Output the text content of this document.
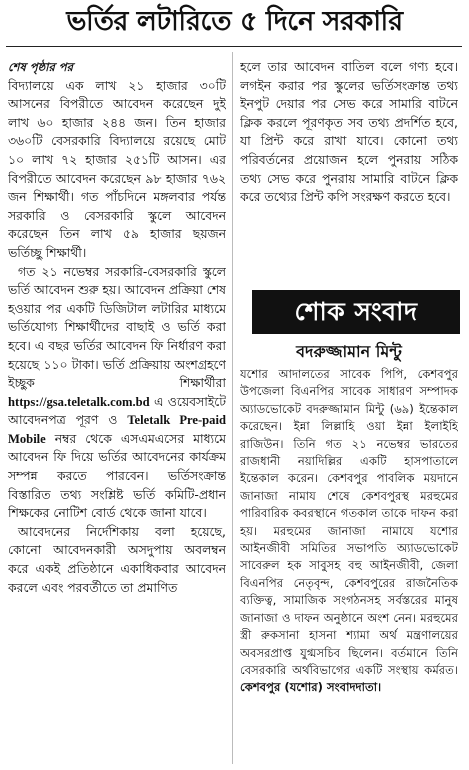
ভর্তির লটারিতে ৫ দিনে সরকারি

শেষ পৃষ্ঠার পর
বিদ্যালয়ে এক লাখ ২১ হাজার ৩০টি আসনের বিপরীতে আবেদন করেছেন দুই লাখ ৬০ হাজার ২৪৪ জন। তিন হাজার ৩৬০টি বেসরকারি বিদ্যালয়ে রয়েছে মোট ১০ লাখ ৭২ হাজার ২৫১টি আসন। এর বিপরীতে আবেদন করেছেন ৯৮ হাজার ৭৬২ জন শিক্ষার্থী। গত পাঁচদিনে মঙ্গলবার পর্যন্ত সরকারি ও বেসরকারি স্কুলে আবেদন করেছেন তিন লাখ ৫৯ হাজার ছয়জন ভর্তিচ্ছু শিক্ষার্থী।

গত ২১ নভেম্বর সরকারি-বেসরকারি স্কুলে ভর্তি আবেদন শুরু হয়। আবেদন প্রক্রিয়া শেষ হওয়ার পর একটি ডিজিটাল লটারির মাধ্যমে ভর্তিযোগ্য শিক্ষার্থীদের বাছাই ও ভর্তি করা হবে। এ বছর ভর্তির আবেদন ফি নির্ধারণ করা হয়েছে ১১০ টাকা। ভর্তি প্রক্রিয়ায় অংশগ্রহণে ইচ্ছুক শিক্ষার্থীরা https://gsa.teletalk.com.bd এ ওয়েবসাইটে আবেদনপত্র পূরণ ও Teletalk Pre-paid Mobile নম্বর থেকে এসএমএসের মাধ্যমে আবেদন ফি দিয়ে ভর্তির আবেদনের কার্যক্রম সম্পন্ন করতে পারবেন। ভর্তিসংক্রান্ত বিস্তারিত তথ্য সংশ্লিষ্ট ভর্তি কমিটি-প্রধান শিক্ষকের নোটিশ বোর্ড থেকে জানা যাবে।

আবেদনের নির্দেশিকায় বলা হয়েছে, কোনো আবেদনকারী অসদুপায় অবলম্বন করে একই প্রতিষ্ঠানে একাধিকবার আবেদন করলে এবং পরবর্তীতে তা প্রমাণিত

হলে তার আবেদন বাতিল বলে গণ্য হবে। লগইন করার পর স্কুলের ভর্তিসংক্রান্ত তথ্য ইনপুট দেয়ার পর সেভ করে সামারি বাটনে ক্লিক করলে পূরণকৃত সব তথ্য প্রদর্শিত হবে, যা প্রিন্ট করে রাখা যাবে। কোনো তথ্য পরিবর্তনের প্রয়োজন হলে পুনরায় সঠিক তথ্য সেভ করে পুনরায় সামারি বাটনে ক্লিক করে তথ্যের প্রিন্ট কপি সংরক্ষণ করতে হবে।

শোক সংবাদ
বদরুজ্জামান মিন্টু

যশোর আদালতের সাবেক পিপি, কেশবপুর উপজেলা বিএনপির সাবেক সাধারণ সম্পাদক অ্যাডভোকেট বদরুজ্জামান মিন্টু (৬৯) ইন্তেকাল করেছেন। ইন্না লিল্লাহি ওয়া ইন্না ইলাইহি রাজিউন। তিনি গত ২১ নভেম্বর ভারতের রাজধানী নয়াদিল্লির একটি হাসপাতালে ইন্তেকাল করেন। কেশবপুর পাবলিক ময়দানে জানাজা নামায শেষে কেশবপুরস্থ মরহুমের পারিবারিক কবরস্থানে গতকাল তাকে দাফন করা হয়। মরহুমের জানাজা নামাযে যশোর আইনজীবী সমিতির সভাপতি অ্যাডভোকেট সাবেরুল হক সাবুসহ বহু আইনজীবী, জেলা বিএনপির নেতৃবৃন্দ, কেশবপুরের রাজনৈতিক ব্যক্তিত্ব, সামাজিক সংগঠনসহ সর্বস্তরের মানুষ জানাজা ও দাফন অনুষ্ঠানে অংশ নেন। মরহুমের স্ত্রী রুকসানা হাসনা শ্যামা অর্থ মন্ত্রণালয়ের অবসরপ্রাপ্ত যুগ্মসচিব ছিলেন। বর্তমানে তিনি বেসরকারি অর্থবিভাগের একটি সংস্থায় কর্মরত। কেশবপুর (যশোর) সংবাদদাতা।
